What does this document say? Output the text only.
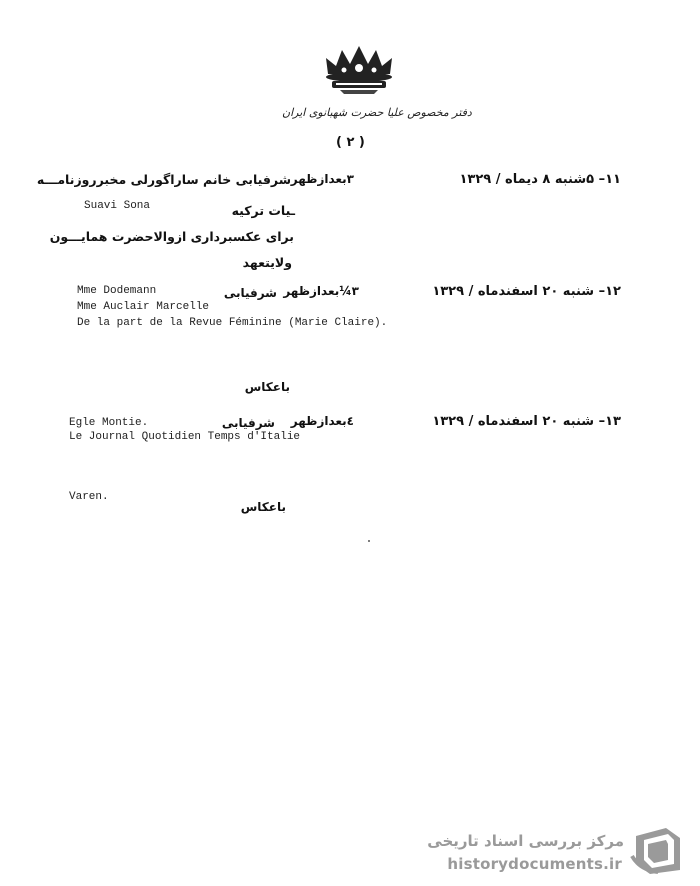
دفتر مخصوص علیا حضرت شهبانوی ایران
( ٢ )
١١– ۵شنبه ٨ دیماه / ١٣٢٩
٣بعدازظهر
شرفیابی خانم ساراگورلی مخبرروزنامـــه
Suavi Sona	ـیات ترکیه
برای عکسبرداری ازوالاحضرت همایـــون
ولایتعهد
١٢– شنبه ٢٠ اسفندماه / ١٣٢٩
٣¼بعدازظهر
شرفیابی
Mme Dodemann
Mme Auclair Marcelle
De la part de la Revue Féminine (Marie Claire).
باعکاس
١٣– شنبه ٢٠ اسفندماه / ١٣٢٩
٤بعدازظهر
شرفیابی
Egle Montie.
Le Journal Quotidien Temps d'Italie
Varen.
باعکاس
مرکز بررسی اسناد تاریخی
historydocuments.ir
